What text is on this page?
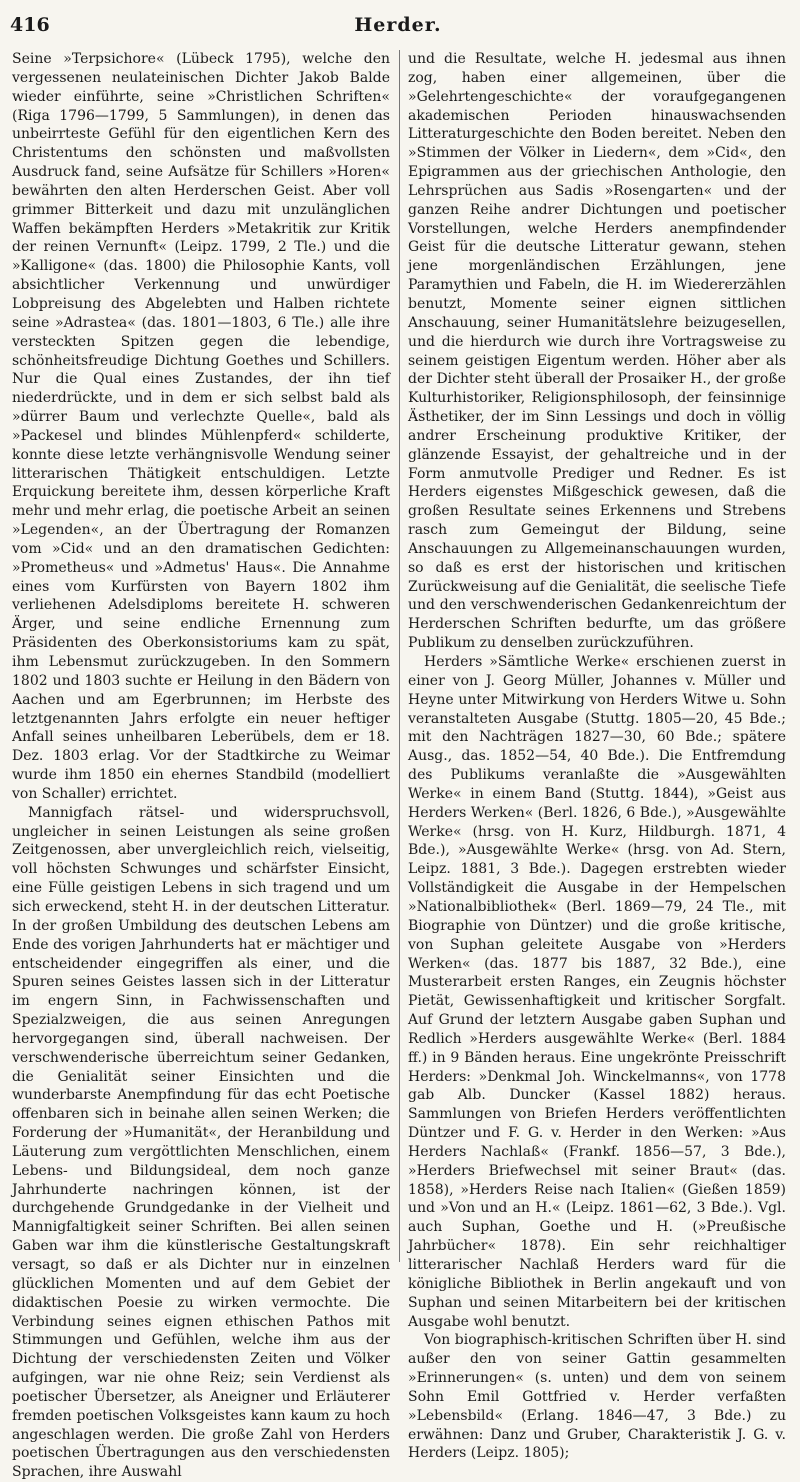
416	Herder.

Seine »Terpsichore« (Lübeck 1795), welche den vergessenen neulateinischen Dichter Jakob Balde wieder einführte, seine »Christlichen Schriften« (Riga 1796—1799, 5 Sammlungen), in denen das unbeirrteste Gefühl für den eigentlichen Kern des Christentums den schönsten und maßvollsten Ausdruck fand, seine Aufsätze für Schillers »Horen« bewährten den alten Herderschen Geist. Aber voll grimmer Bitterkeit und dazu mit unzulänglichen Waffen bekämpften Herders »Metakritik zur Kritik der reinen Vernunft« (Leipz. 1799, 2 Tle.) und die »Kalligone« (das. 1800) die Philosophie Kants, voll absichtlicher Verkennung und unwürdiger Lobpreisung des Abgelebten und Halben richtete seine »Adrastea« (das. 1801—1803, 6 Tle.) alle ihre versteckten Spitzen gegen die lebendige, schönheitsfreudige Dichtung Goethes und Schillers. Nur die Qual eines Zustandes, der ihn tief niederdrückte, und in dem er sich selbst bald als »dürrer Baum und verlechzte Quelle«, bald als »Packesel und blindes Mühlenpferd« schilderte, konnte diese letzte verhängnisvolle Wendung seiner litterarischen Thätigkeit entschuldigen. Letzte Erquickung bereitete ihm, dessen körperliche Kraft mehr und mehr erlag, die poetische Arbeit an seinen »Legenden«, an der Übertragung der Romanzen vom »Cid« und an den dramatischen Gedichten: »Prometheus« und »Admetus' Haus«. Die Annahme eines vom Kurfürsten von Bayern 1802 ihm verliehenen Adelsdiploms bereitete H. schweren Ärger, und seine endliche Ernennung zum Präsidenten des Oberkonsistoriums kam zu spät, ihm Lebensmut zurückzugeben. In den Sommern 1802 und 1803 suchte er Heilung in den Bädern von Aachen und am Egerbrunnen; im Herbste des letztgenannten Jahrs erfolgte ein neuer heftiger Anfall seines unheilbaren Leberübels, dem er 18. Dez. 1803 erlag. Vor der Stadtkirche zu Weimar wurde ihm 1850 ein ehernes Standbild (modelliert von Schaller) errichtet.

Mannigfach rätsel- und widerspruchsvoll, ungleicher in seinen Leistungen als seine großen Zeitgenossen, aber unvergleichlich reich, vielseitig, voll höchsten Schwunges und schärfster Einsicht, eine Fülle geistigen Lebens in sich tragend und um sich erweckend, steht H. in der deutschen Litteratur. In der großen Umbildung des deutschen Lebens am Ende des vorigen Jahrhunderts hat er mächtiger und entscheidender eingegriffen als einer, und die Spuren seines Geistes lassen sich in der Litteratur im engern Sinn, in Fachwissenschaften und Spezialzweigen, die aus seinen Anregungen hervorgegangen sind, überall nachweisen. Der verschwenderische überreichtum seiner Gedanken, die Genialität seiner Einsichten und die wunderbarste Anempfindung für das echt Poetische offenbaren sich in beinahe allen seinen Werken; die Forderung der »Humanität«, der Heranbildung und Läuterung zum vergöttlichten Menschlichen, einem Lebens- und Bildungsideal, dem noch ganze Jahrhunderte nachringen können, ist der durchgehende Grundgedanke in der Vielheit und Mannigfaltigkeit seiner Schriften. Bei allen seinen Gaben war ihm die künstlerische Gestaltungskraft versagt, so daß er als Dichter nur in einzelnen glücklichen Momenten und auf dem Gebiet der didaktischen Poesie zu wirken vermochte. Die Verbindung seines eignen ethischen Pathos mit Stimmungen und Gefühlen, welche ihm aus der Dichtung der verschiedensten Zeiten und Völker aufgingen, war nie ohne Reiz; sein Verdienst als poetischer Übersetzer, als Aneigner und Erläuterer fremden poetischen Volksgeistes kann kaum zu hoch angeschlagen werden. Die große Zahl von Herders poetischen Übertragungen aus den verschiedensten Sprachen, ihre Auswahl

und die Resultate, welche H. jedesmal aus ihnen zog, haben einer allgemeinen, über die »Gelehrtengeschichte« der voraufgegangenen akademischen Perioden hinauswachsenden Litteraturgeschichte den Boden bereitet. Neben den »Stimmen der Völker in Liedern«, dem »Cid«, den Epigrammen aus der griechischen Anthologie, den Lehrsprüchen aus Sadis »Rosengarten« und der ganzen Reihe andrer Dichtungen und poetischer Vorstellungen, welche Herders anempfindender Geist für die deutsche Litteratur gewann, stehen jene morgenländischen Erzählungen, jene Paramythien und Fabeln, die H. im Wiedererzählen benutzt, Momente seiner eignen sittlichen Anschauung, seiner Humanitätslehre beizugesellen, und die hierdurch wie durch ihre Vortragsweise zu seinem geistigen Eigentum werden. Höher aber als der Dichter steht überall der Prosaiker H., der große Kulturhistoriker, Religionsphilosoph, der feinsinnige Ästhetiker, der im Sinn Lessings und doch in völlig andrer Erscheinung produktive Kritiker, der glänzende Essayist, der gehaltreiche und in der Form anmutvolle Prediger und Redner. Es ist Herders eigenstes Mißgeschick gewesen, daß die großen Resultate seines Erkennens und Strebens rasch zum Gemeingut der Bildung, seine Anschauungen zu Allgemeinanschauungen wurden, so daß es erst der historischen und kritischen Zurückweisung auf die Genialität, die seelische Tiefe und den verschwenderischen Gedankenreichtum der Herderschen Schriften bedurfte, um das größere Publikum zu denselben zurückzuführen.

Herders »Sämtliche Werke« erschienen zuerst in einer von J. Georg Müller, Johannes v. Müller und Heyne unter Mitwirkung von Herders Witwe u. Sohn veranstalteten Ausgabe (Stuttg. 1805—20, 45 Bde.; mit den Nachträgen 1827—30, 60 Bde.; spätere Ausg., das. 1852—54, 40 Bde.). Die Entfremdung des Publikums veranlaßte die »Ausgewählten Werke« in einem Band (Stuttg. 1844), »Geist aus Herders Werken« (Berl. 1826, 6 Bde.), »Ausgewählte Werke« (hrsg. von H. Kurz, Hildburgh. 1871, 4 Bde.), »Ausgewählte Werke« (hrsg. von Ad. Stern, Leipz. 1881, 3 Bde.). Dagegen erstrebten wieder Vollständigkeit die Ausgabe in der Hempelschen »Nationalbibliothek« (Berl. 1869—79, 24 Tle., mit Biographie von Düntzer) und die große kritische, von Suphan geleitete Ausgabe von »Herders Werken« (das. 1877 bis 1887, 32 Bde.), eine Musterarbeit ersten Ranges, ein Zeugnis höchster Pietät, Gewissenhaftigkeit und kritischer Sorgfalt. Auf Grund der letztern Ausgabe gaben Suphan und Redlich »Herders ausgewählte Werke« (Berl. 1884 ff.) in 9 Bänden heraus. Eine ungekrönte Preisschrift Herders: »Denkmal Joh. Winckelmanns«, von 1778 gab Alb. Duncker (Kassel 1882) heraus. Sammlungen von Briefen Herders veröffentlichten Düntzer und F. G. v. Herder in den Werken: »Aus Herders Nachlaß« (Frankf. 1856—57, 3 Bde.), »Herders Briefwechsel mit seiner Braut« (das. 1858), »Herders Reise nach Italien« (Gießen 1859) und »Von und an H.« (Leipz. 1861—62, 3 Bde.). Vgl. auch Suphan, Goethe und H. (»Preußische Jahrbücher« 1878). Ein sehr reichhaltiger litterarischer Nachlaß Herders ward für die königliche Bibliothek in Berlin angekauft und von Suphan und seinen Mitarbeitern bei der kritischen Ausgabe wohl benutzt.

Von biographisch-kritischen Schriften über H. sind außer den von seiner Gattin gesammelten »Erinnerungen« (s. unten) und dem von seinem Sohn Emil Gottfried v. Herder verfaßten »Lebensbild« (Erlang. 1846—47, 3 Bde.) zu erwähnen: Danz und Gruber, Charakteristik J. G. v. Herders (Leipz. 1805);
